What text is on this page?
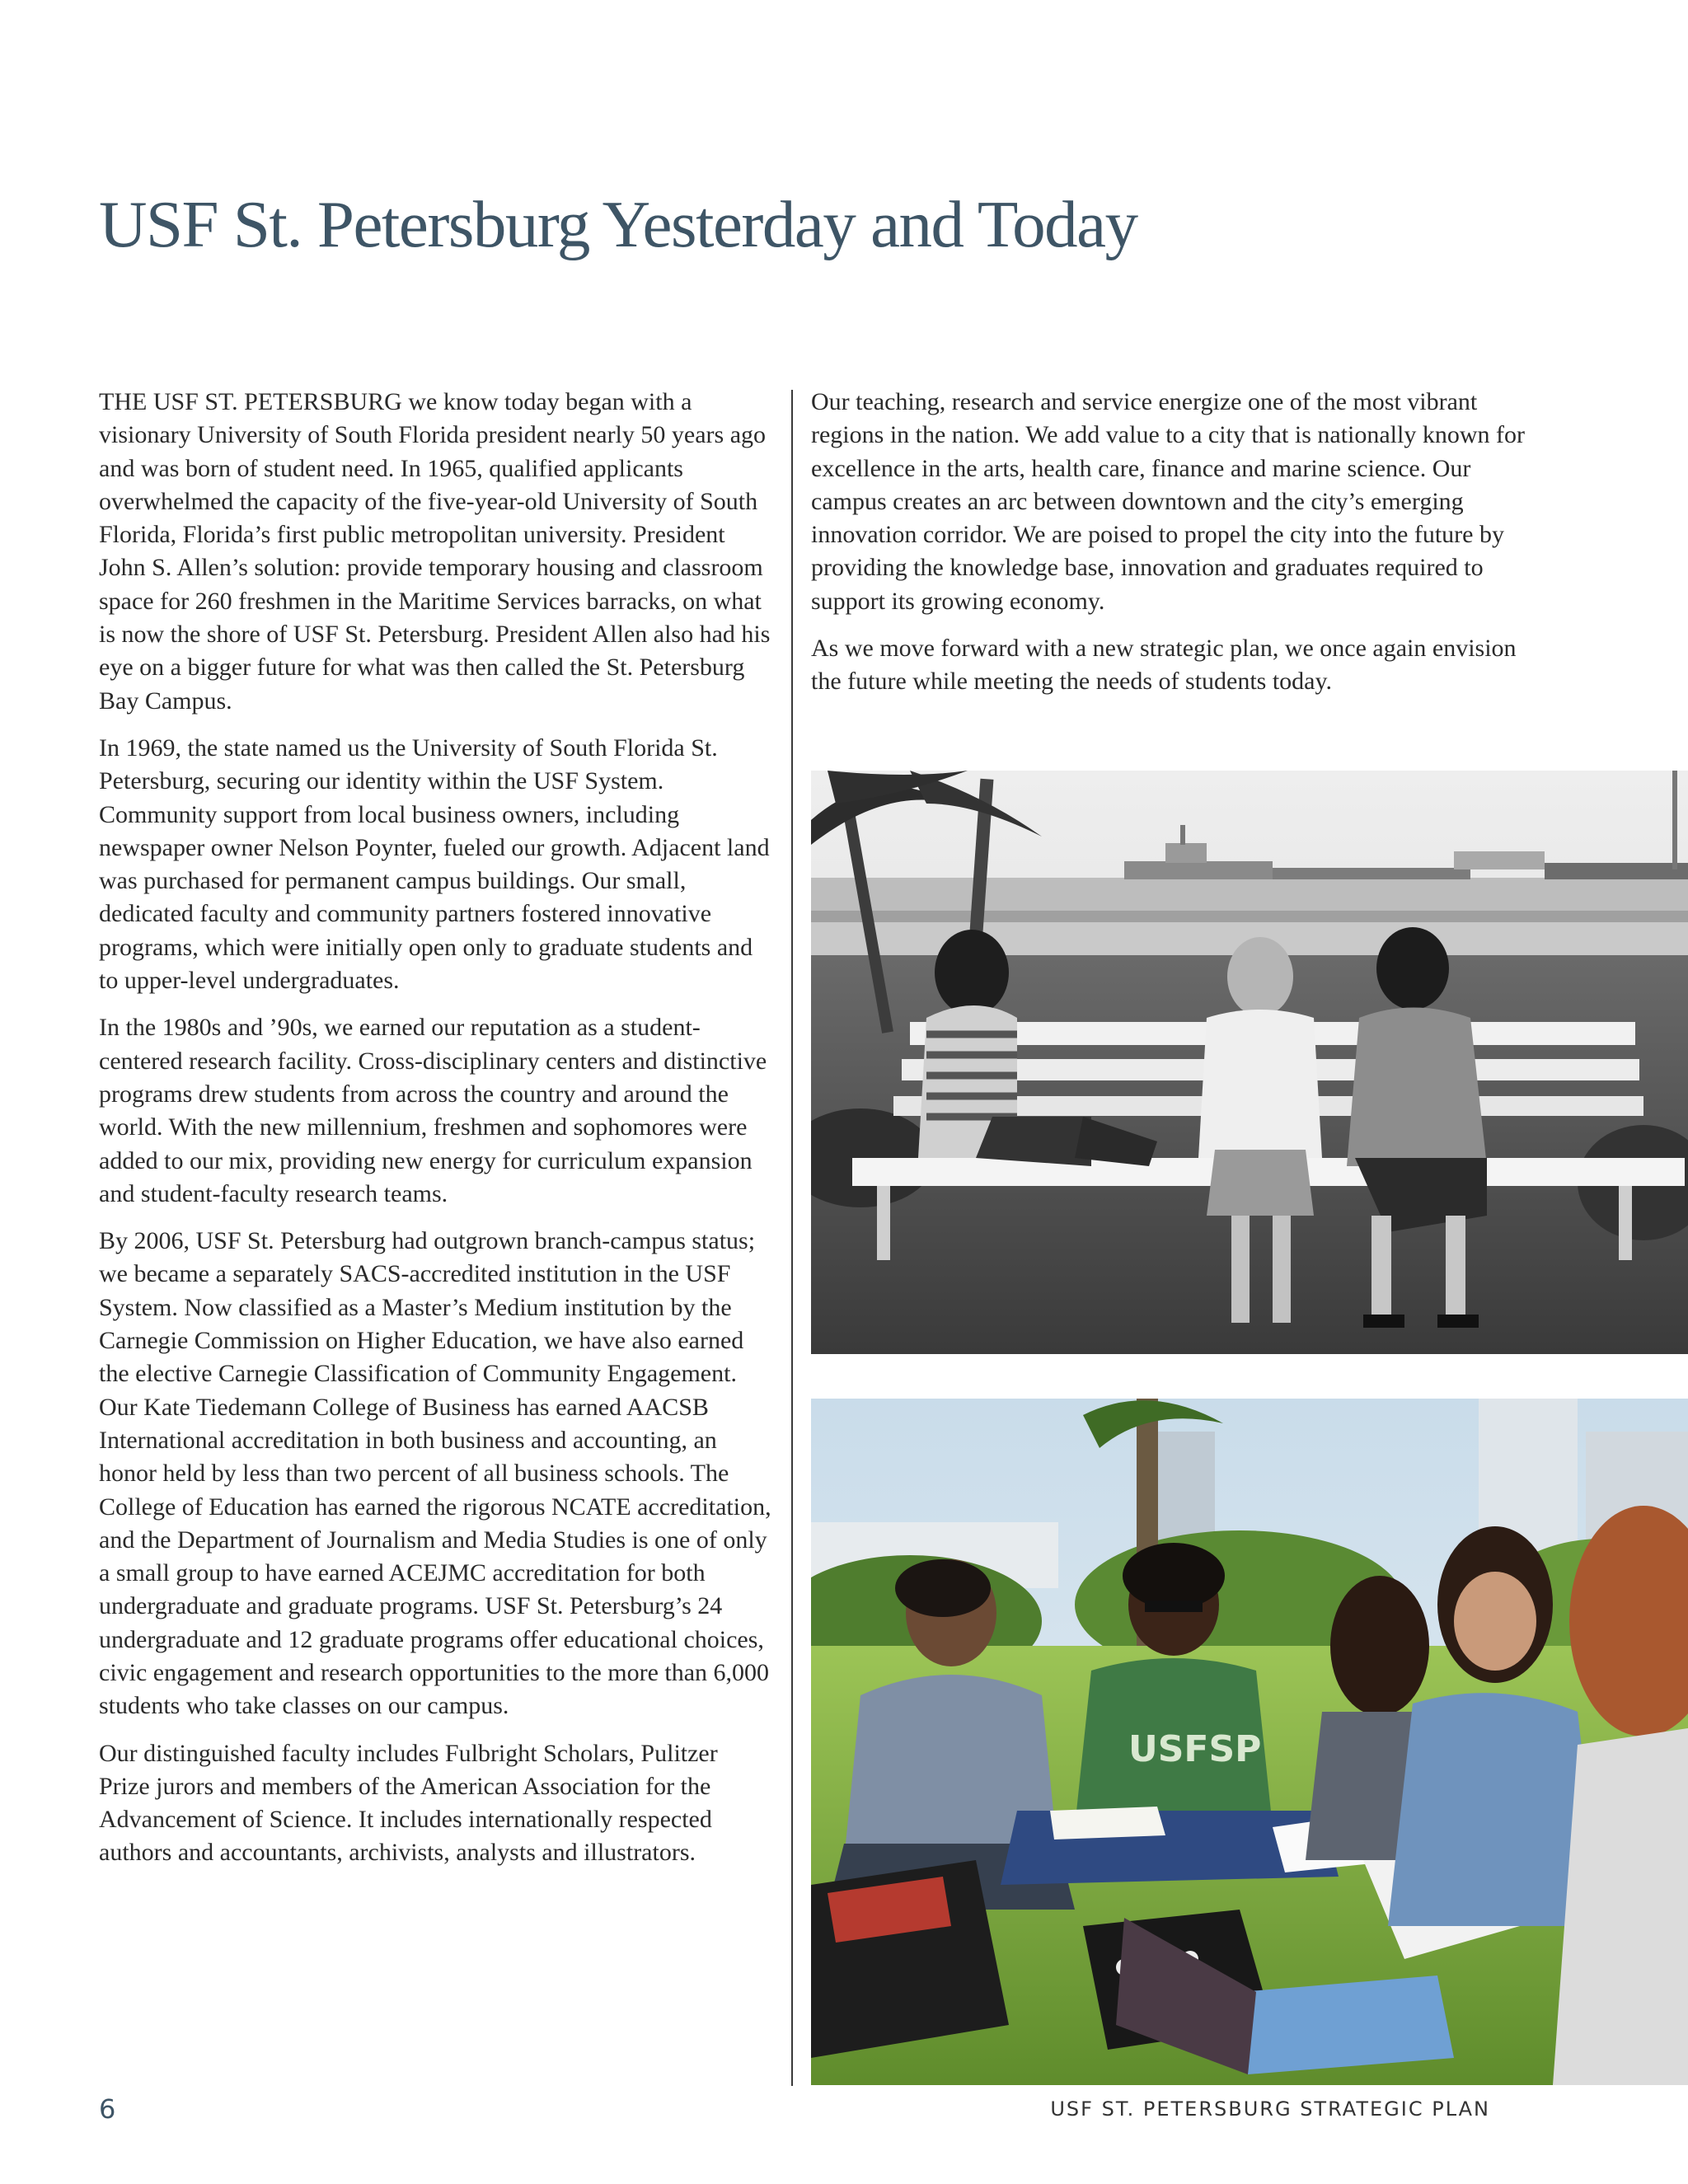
USF St. Petersburg Yesterday and Today

THE USF ST. PETERSBURG we know today began with a visionary University of South Florida president nearly 50 years ago and was born of student need. In 1965, qualified applicants overwhelmed the capacity of the five-year-old University of South Florida, Florida’s first public metropolitan university. President John S. Allen’s solution: provide temporary housing and classroom space for 260 freshmen in the Maritime Services barracks, on what is now the shore of USF St. Petersburg. President Allen also had his eye on a bigger future for what was then called the St. Petersburg Bay Campus.

In 1969, the state named us the University of South Florida St. Petersburg, securing our identity within the USF System. Community support from local business owners, including newspaper owner Nelson Poynter, fueled our growth. Adjacent land was purchased for permanent campus buildings. Our small, dedicated faculty and community partners fostered innovative programs, which were initially open only to graduate students and to upper-level undergraduates.

In the 1980s and ’90s, we earned our reputation as a student-centered research facility. Cross-disciplinary centers and distinctive programs drew students from across the country and around the world. With the new millennium, freshmen and sophomores were added to our mix, providing new energy for curriculum expansion and student-faculty research teams.

By 2006, USF St. Petersburg had outgrown branch-campus status; we became a separately SACS-accredited institution in the USF System. Now classified as a Master’s Medium institution by the Carnegie Commission on Higher Education, we have also earned the elective Carnegie Classification of Community Engagement. Our Kate Tiedemann College of Business has earned AACSB International accreditation in both business and accounting, an honor held by less than two percent of all business schools. The College of Education has earned the rigorous NCATE accreditation, and the Department of Journalism and Media Studies is one of only a small group to have earned ACEJMC accreditation for both undergraduate and graduate programs. USF St. Petersburg’s 24 undergraduate and 12 graduate programs offer educational choices, civic engagement and research opportunities to the more than 6,000 students who take classes on our campus.

Our distinguished faculty includes Fulbright Scholars, Pulitzer Prize jurors and members of the American Association for the Advancement of Science. It includes internationally respected authors and accountants, archivists, analysts and illustrators.

Our teaching, research and service energize one of the most vibrant regions in the nation. We add value to a city that is nationally known for excellence in the arts, health care, finance and marine science. Our campus creates an arc between downtown and the city’s emerging innovation corridor. We are poised to propel the city into the future by providing the knowledge base, innovation and graduates required to support its growing economy.

As we move forward with a new strategic plan, we once again envision the future while meeting the needs of students today.

USFSP
6	USF ST. PETERSBURG STRATEGIC PLAN
